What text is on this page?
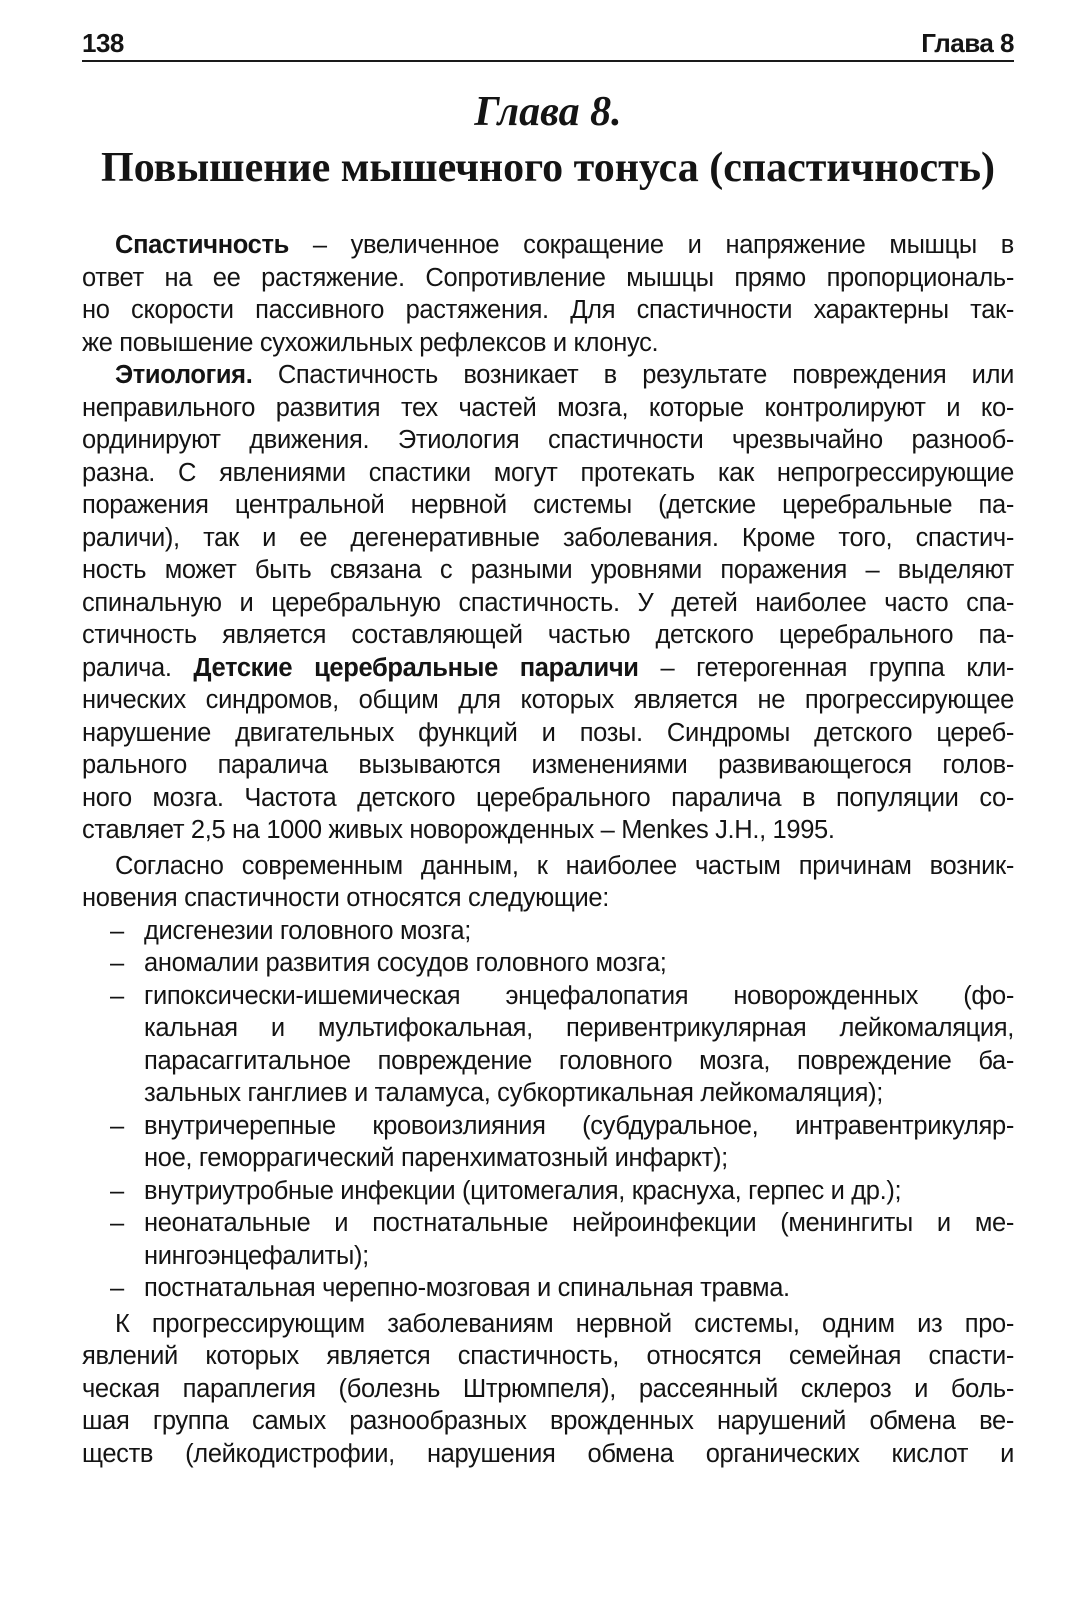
138	Глава 8
Глава 8.
Повышение мышечного тонуса (спастичность)
Спастичность – увеличенное сокращение и напряжение мышцы в
ответ на ее растяжение. Сопротивление мышцы прямо пропорциональ-
но скорости пассивного растяжения. Для спастичности характерны так-
же повышение сухожильных рефлексов и клонус.
Этиология. Спастичность возникает в результате повреждения или
неправильного развития тех частей мозга, которые контролируют и ко-
ординируют движения. Этиология спастичности чрезвычайно разнооб-
разна. С явлениями спастики могут протекать как непрогрессирующие
поражения центральной нервной системы (детские церебральные па-
раличи), так и ее дегенеративные заболевания. Кроме того, спастич-
ность может быть связана с разными уровнями поражения – выделяют
спинальную и церебральную спастичность. У детей наиболее часто спа-
стичность является составляющей частью детского церебрального па-
ралича. Детские церебральные параличи – гетерогенная группа кли-
нических синдромов, общим для которых является не прогрессирующее
нарушение двигательных функций и позы. Синдромы детского цереб-
рального паралича вызываются изменениями развивающегося голов-
ного мозга. Частота детского церебрального паралича в популяции со-
ставляет 2,5 на 1000 живых новорожденных – Menkes J.H., 1995.
Согласно современным данным, к наиболее частым причинам возник-
новения спастичности относятся следующие:
– дисгенезии головного мозга;
– аномалии развития сосудов головного мозга;
– гипоксически-ишемическая энцефалопатия новорожденных (фо-
кальная и мультифокальная, перивентрикулярная лейкомаляция,
парасаггитальное повреждение головного мозга, повреждение ба-
зальных ганглиев и таламуса, субкортикальная лейкомаляция);
– внутричерепные кровоизлияния (субдуральное, интравентрикуляр-
ное, геморрагический паренхиматозный инфаркт);
– внутриутробные инфекции (цитомегалия, краснуха, герпес и др.);
– неонатальные и постнатальные нейроинфекции (менингиты и ме-
нингоэнцефалиты);
– постнатальная черепно-мозговая и спинальная травма.
К прогрессирующим заболеваниям нервной системы, одним из про-
явлений которых является спастичность, относятся семейная спасти-
ческая параплегия (болезнь Штрюмпеля), рассеянный склероз и боль-
шая группа самых разнообразных врожденных нарушений обмена ве-
ществ (лейкодистрофии, нарушения обмена органических кислот и
